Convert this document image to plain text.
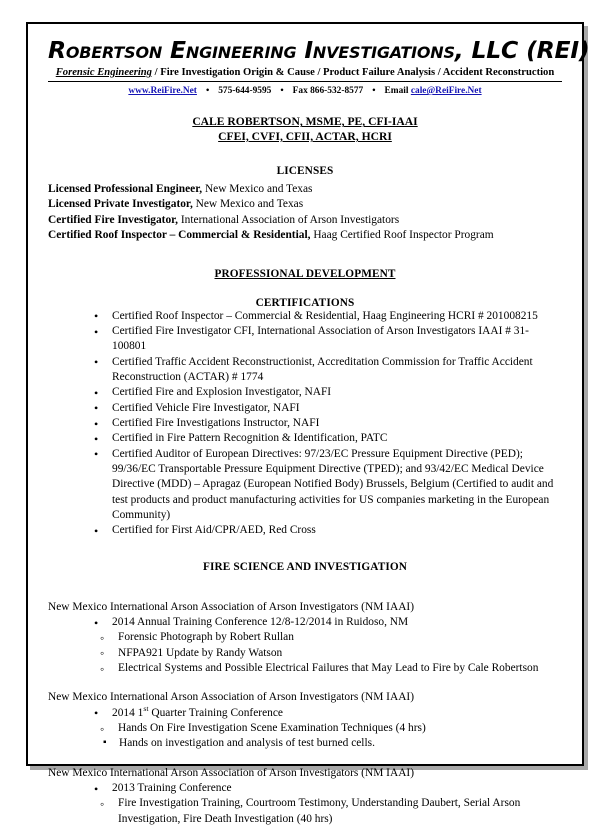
Robertson Engineering Investigations, LLC (REI)
Forensic Engineering / Fire Investigation Origin & Cause / Product Failure Analysis / Accident Reconstruction
www.ReiFire.Net • 575-644-9595 • Fax 866-532-8577 • Email cale@ReiFire.Net
CALE ROBERTSON, MSME, PE, CFI-IAAI
CFEI, CVFI, CFII, ACTAR, HCRI
LICENSES
Licensed Professional Engineer, New Mexico and Texas
Licensed Private Investigator, New Mexico and Texas
Certified Fire Investigator, International Association of Arson Investigators
Certified Roof Inspector – Commercial & Residential, Haag Certified Roof Inspector Program
PROFESSIONAL DEVELOPMENT
CERTIFICATIONS
• Certified Roof Inspector – Commercial & Residential, Haag Engineering HCRI # 201008215
• Certified Fire Investigator CFI, International Association of Arson Investigators IAAI # 31-100801
• Certified Traffic Accident Reconstructionist, Accreditation Commission for Traffic Accident Reconstruction (ACTAR) # 1774
• Certified Fire and Explosion Investigator, NAFI
• Certified Vehicle Fire Investigator, NAFI
• Certified Fire Investigations Instructor, NAFI
• Certified in Fire Pattern Recognition & Identification, PATC
• Certified Auditor of European Directives: 97/23/EC Pressure Equipment Directive (PED); 99/36/EC Transportable Pressure Equipment Directive (TPED); and 93/42/EC Medical Device Directive (MDD) – Apragaz (European Notified Body) Brussels, Belgium (Certified to audit and test products and product manufacturing activities for US companies marketing in the European Community)
• Certified for First Aid/CPR/AED, Red Cross
FIRE SCIENCE AND INVESTIGATION
New Mexico International Arson Association of Arson Investigators (NM IAAI)
• 2014 Annual Training Conference 12/8-12/2014 in Ruidoso, NM
◦ Forensic Photograph by Robert Rullan
◦ NFPA921 Update by Randy Watson
◦ Electrical Systems and Possible Electrical Failures that May Lead to Fire by Cale Robertson
New Mexico International Arson Association of Arson Investigators (NM IAAI)
• 2014 1st Quarter Training Conference
◦ Hands On Fire Investigation Scene Examination Techniques (4 hrs)
▪ Hands on investigation and analysis of test burned cells.
New Mexico International Arson Association of Arson Investigators (NM IAAI)
• 2013 Training Conference
◦ Fire Investigation Training, Courtroom Testimony, Understanding Daubert, Serial Arson Investigation, Fire Death Investigation (40 hrs)
